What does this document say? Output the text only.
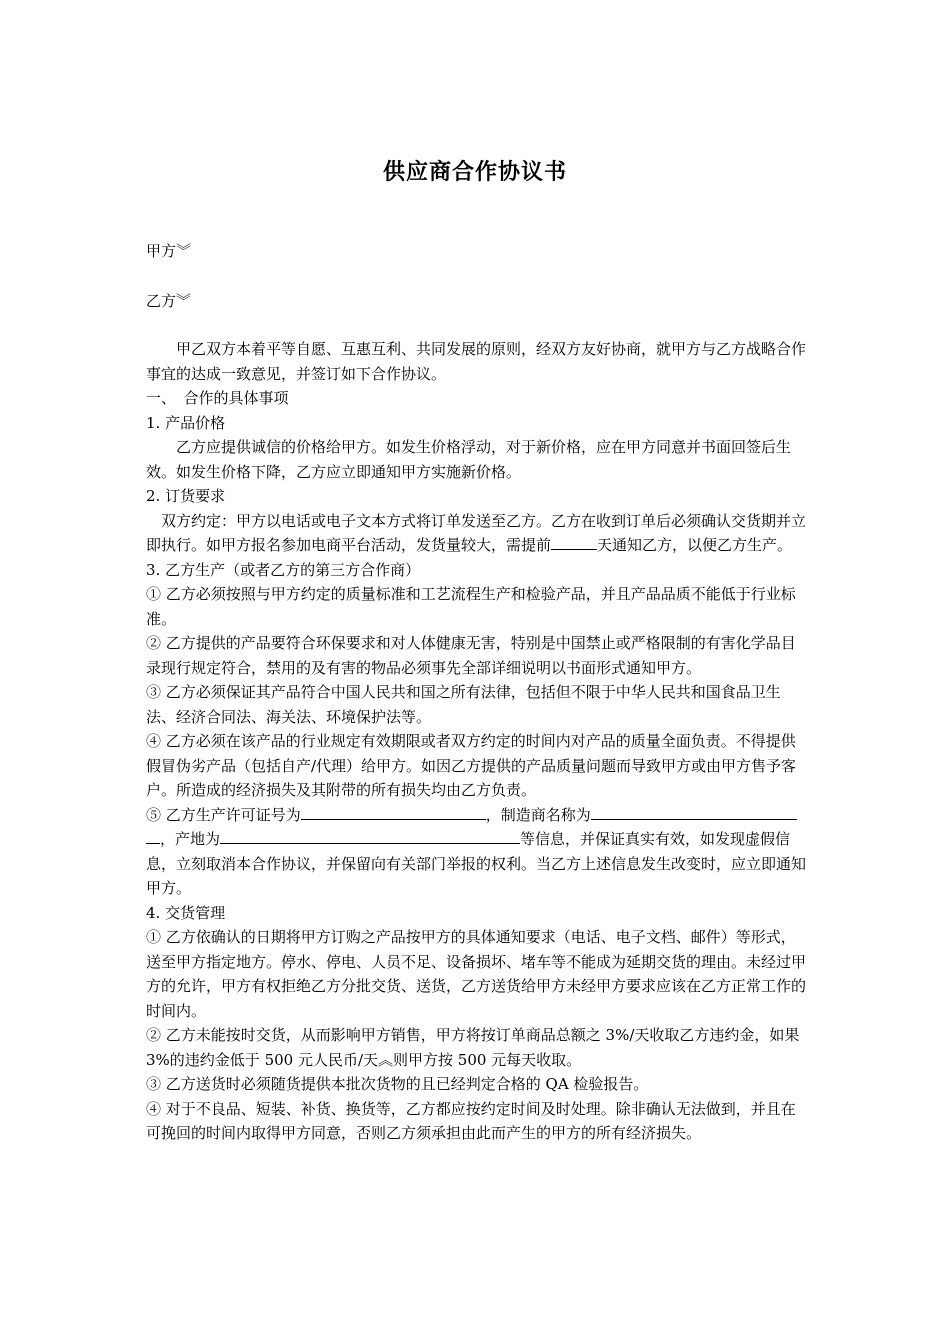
供应商合作协议书
甲方︾
乙方︾

甲乙双方本着平等自愿、互惠互利、共同发展的原则，经双方友好协商，就甲方与乙方战略合作事宜的达成一致意见，并签订如下合作协议。

一、　合作的具体事项

1. 产品价格

乙方应提供诚信的价格给甲方。如发生价格浮动，对于新价格，应在甲方同意并书面回签后生效。如发生价格下降，乙方应立即通知甲方实施新价格。

2. 订货要求

双方约定：甲方以电话或电子文本方式将订单发送至乙方。乙方在收到订单后必须确认交货期并立即执行。如甲方报名参加电商平台活动，发货量较大，需提前	天通知乙方，以便乙方生产。

3. 乙方生产（或者乙方的第三方合作商）

① 乙方必须按照与甲方约定的质量标准和工艺流程生产和检验产品，并且产品品质不能低于行业标准。

② 乙方提供的产品要符合环保要求和对人体健康无害，特别是中国禁止或严格限制的有害化学品目录现行规定符合，禁用的及有害的物品必须事先全部详细说明以书面形式通知甲方。

③ 乙方必须保证其产品符合中国人民共和国之所有法律，包括但不限于中华人民共和国食品卫生法、经济合同法、海关法、环境保护法等。

④ 乙方必须在该产品的行业规定有效期限或者双方约定的时间内对产品的质量全面负责。不得提供假冒伪劣产品（包括自产/代理）给甲方。如因乙方提供的产品质量问题而导致甲方或由甲方售予客户。所造成的经济损失及其附带的所有损失均由乙方负责。

⑤ 乙方生产许可证号为	，制造商名称为，产地为	等信息，并保证真实有效，如发现虚假信息，立刻取消本合作协议，并保留向有关部门举报的权利。当乙方上述信息发生改变时，应立即通知甲方。

4. 交货管理

① 乙方依确认的日期将甲方订购之产品按甲方的具体通知要求（电话、电子文档、邮件）等形式，送至甲方指定地方。停水、停电、人员不足、设备损坏、堵车等不能成为延期交货的理由。未经过甲方的允许，甲方有权拒绝乙方分批交货、送货，乙方送货给甲方未经甲方要求应该在乙方正常工作的时间内。

② 乙方未能按时交货，从而影响甲方销售，甲方将按订单商品总额之 3%/天收取乙方违约金，如果 3%的违约金低于 500 元人民币/天︽则甲方按 500 元每天收取。

③ 乙方送货时必须随货提供本批次货物的且已经判定合格的 QA 检验报告。

④ 对于不良品、短装、补货、换货等，乙方都应按约定时间及时处理。除非确认无法做到，并且在可挽回的时间内取得甲方同意，否则乙方须承担由此而产生的甲方的所有经济损失。
